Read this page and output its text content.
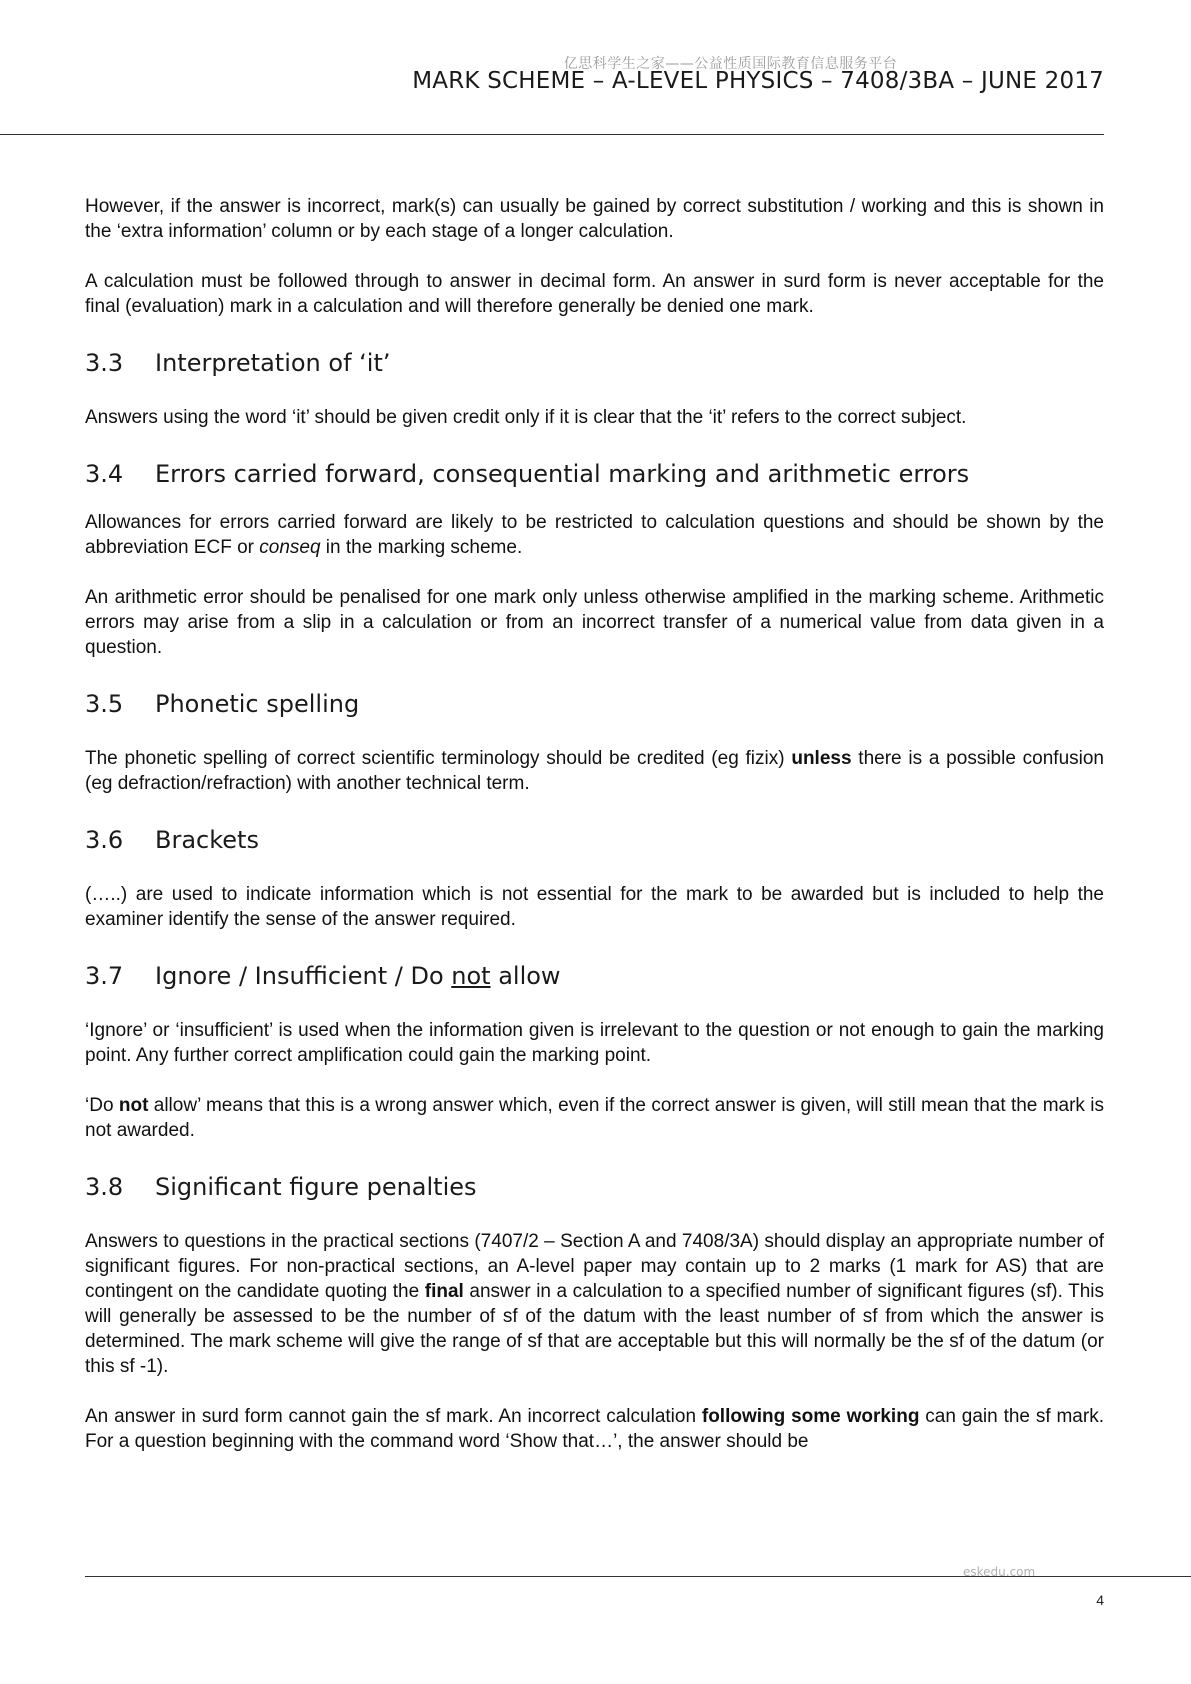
亿思科学生之家——公益性质国际教育信息服务平台
MARK SCHEME – A-LEVEL PHYSICS – 7408/3BA – JUNE 2017

However, if the answer is incorrect, mark(s) can usually be gained by correct substitution / working and this is shown in the ‘extra information’ column or by each stage of a longer calculation.

A calculation must be followed through to answer in decimal form. An answer in surd form is never acceptable for the final (evaluation) mark in a calculation and will therefore generally be denied one mark.

3.3	Interpretation of ‘it’

Answers using the word ‘it’ should be given credit only if it is clear that the ‘it’ refers to the correct subject.

3.4	Errors carried forward, consequential marking and arithmetic errors

Allowances for errors carried forward are likely to be restricted to calculation questions and should be shown by the abbreviation ECF or conseq in the marking scheme.

An arithmetic error should be penalised for one mark only unless otherwise amplified in the marking scheme. Arithmetic errors may arise from a slip in a calculation or from an incorrect transfer of a numerical value from data given in a question.

3.5	Phonetic spelling

The phonetic spelling of correct scientific terminology should be credited (eg fizix) unless there is a possible confusion (eg defraction/refraction) with another technical term.

3.6	Brackets

(…..) are used to indicate information which is not essential for the mark to be awarded but is included to help the examiner identify the sense of the answer required.

3.7	Ignore / Insufficient / Do not allow

‘Ignore’ or ‘insufficient’ is used when the information given is irrelevant to the question or not enough to gain the marking point. Any further correct amplification could gain the marking point.

‘Do not allow’ means that this is a wrong answer which, even if the correct answer is given, will still mean that the mark is not awarded.

3.8	Significant figure penalties

Answers to questions in the practical sections (7407/2 – Section A and 7408/3A) should display an appropriate number of significant figures. For non-practical sections, an A-level paper may contain up to 2 marks (1 mark for AS) that are contingent on the candidate quoting the final answer in a calculation to a specified number of significant figures (sf). This will generally be assessed to be the number of sf of the datum with the least number of sf from which the answer is determined. The mark scheme will give the range of sf that are acceptable but this will normally be the sf of the datum (or this sf -1).

An answer in surd form cannot gain the sf mark. An incorrect calculation following some working can gain the sf mark. For a question beginning with the command word ‘Show that…’, the answer should be

eskedu.com
4
